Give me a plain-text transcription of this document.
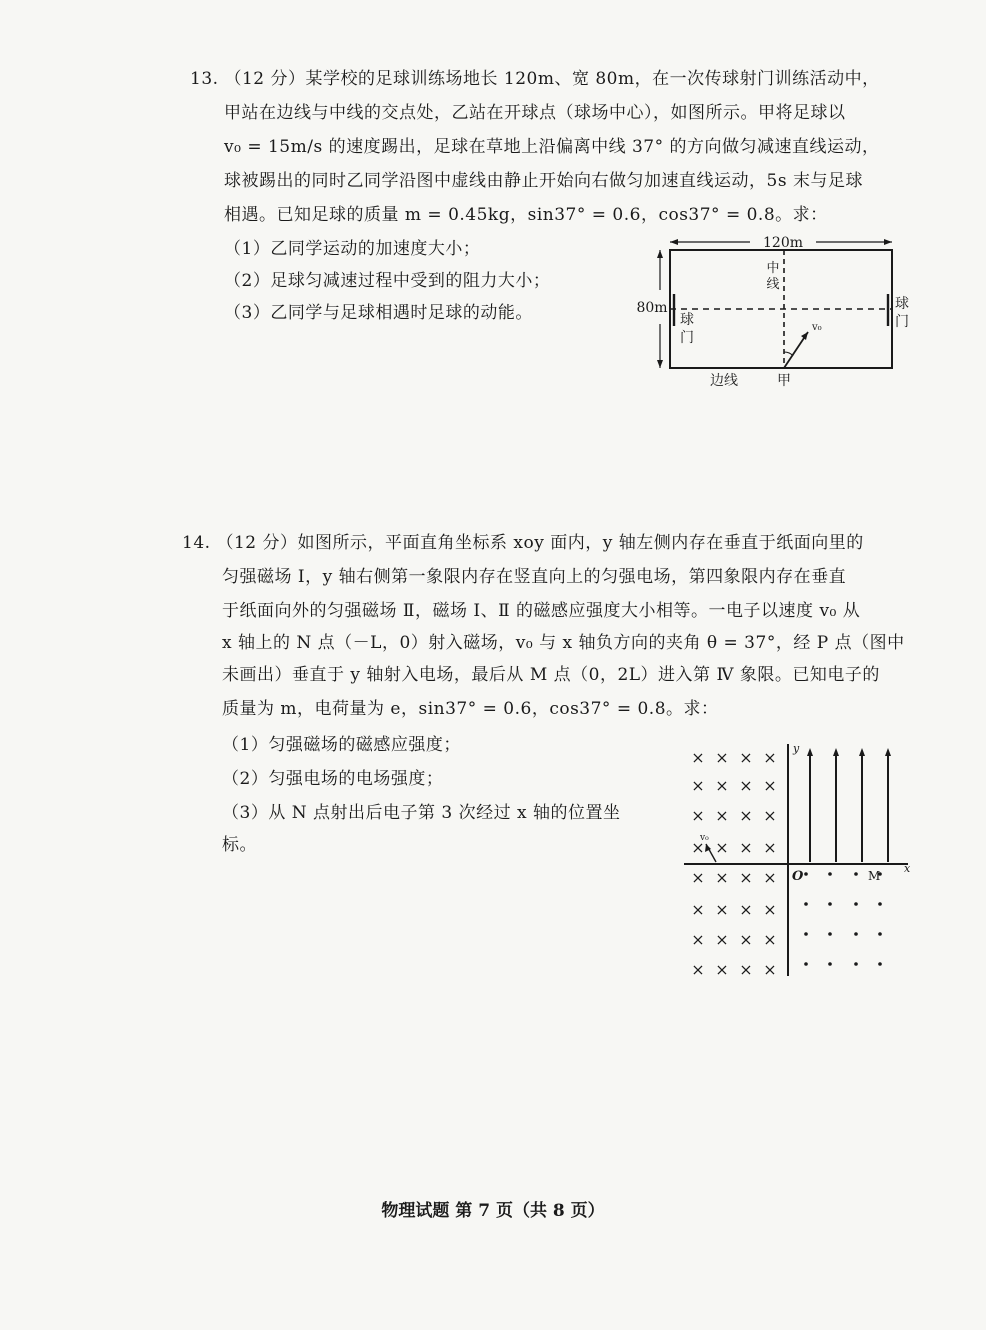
13. （12 分）某学校的足球训练场地长 120m、宽 80m，在一次传球射门训练活动中，
甲站在边线与中线的交点处，乙站在开球点（球场中心），如图所示。甲将足球以
v₀ = 15m/s 的速度踢出，足球在草地上沿偏离中线 37° 的方向做匀减速直线运动，
球被踢出的同时乙同学沿图中虚线由静止开始向右做匀加速直线运动，5s 末与足球
相遇。已知足球的质量 m = 0.45kg，sin37° = 0.6，cos37° = 0.8。求：
（1）乙同学运动的加速度大小；
（2）足球匀减速过程中受到的阻力大小；
（3）乙同学与足球相遇时足球的动能。
120m
80m
中
线
球
门
球
门
v₀
边线	甲
14. （12 分）如图所示，平面直角坐标系 xoy 面内，y 轴左侧内存在垂直于纸面向里的
匀强磁场 Ⅰ，y 轴右侧第一象限内存在竖直向上的匀强电场，第四象限内存在垂直
于纸面向外的匀强磁场 Ⅱ，磁场 Ⅰ、Ⅱ 的磁感应强度大小相等。一电子以速度 v₀ 从
x 轴上的 N 点（－L，0）射入磁场，v₀ 与 x 轴负方向的夹角 θ = 37°，经 P 点（图中
未画出）垂直于 y 轴射入电场，最后从 M 点（0，2L）进入第 Ⅳ 象限。已知电子的
质量为 m，电荷量为 e，sin37° = 0.6，cos37° = 0.8。求：
（1）匀强磁场的磁感应强度；
（2）匀强电场的电场强度；
（3）从 N 点射出后电子第 3 次经过 x 轴的位置坐
标。
× × × ×
× × × ×
× × × ×
× × × ×
× × × ×
× × × ×
× × × ×
× × × ×
y
x
O	M
v₀
物理试题 第 7 页（共 8 页）
